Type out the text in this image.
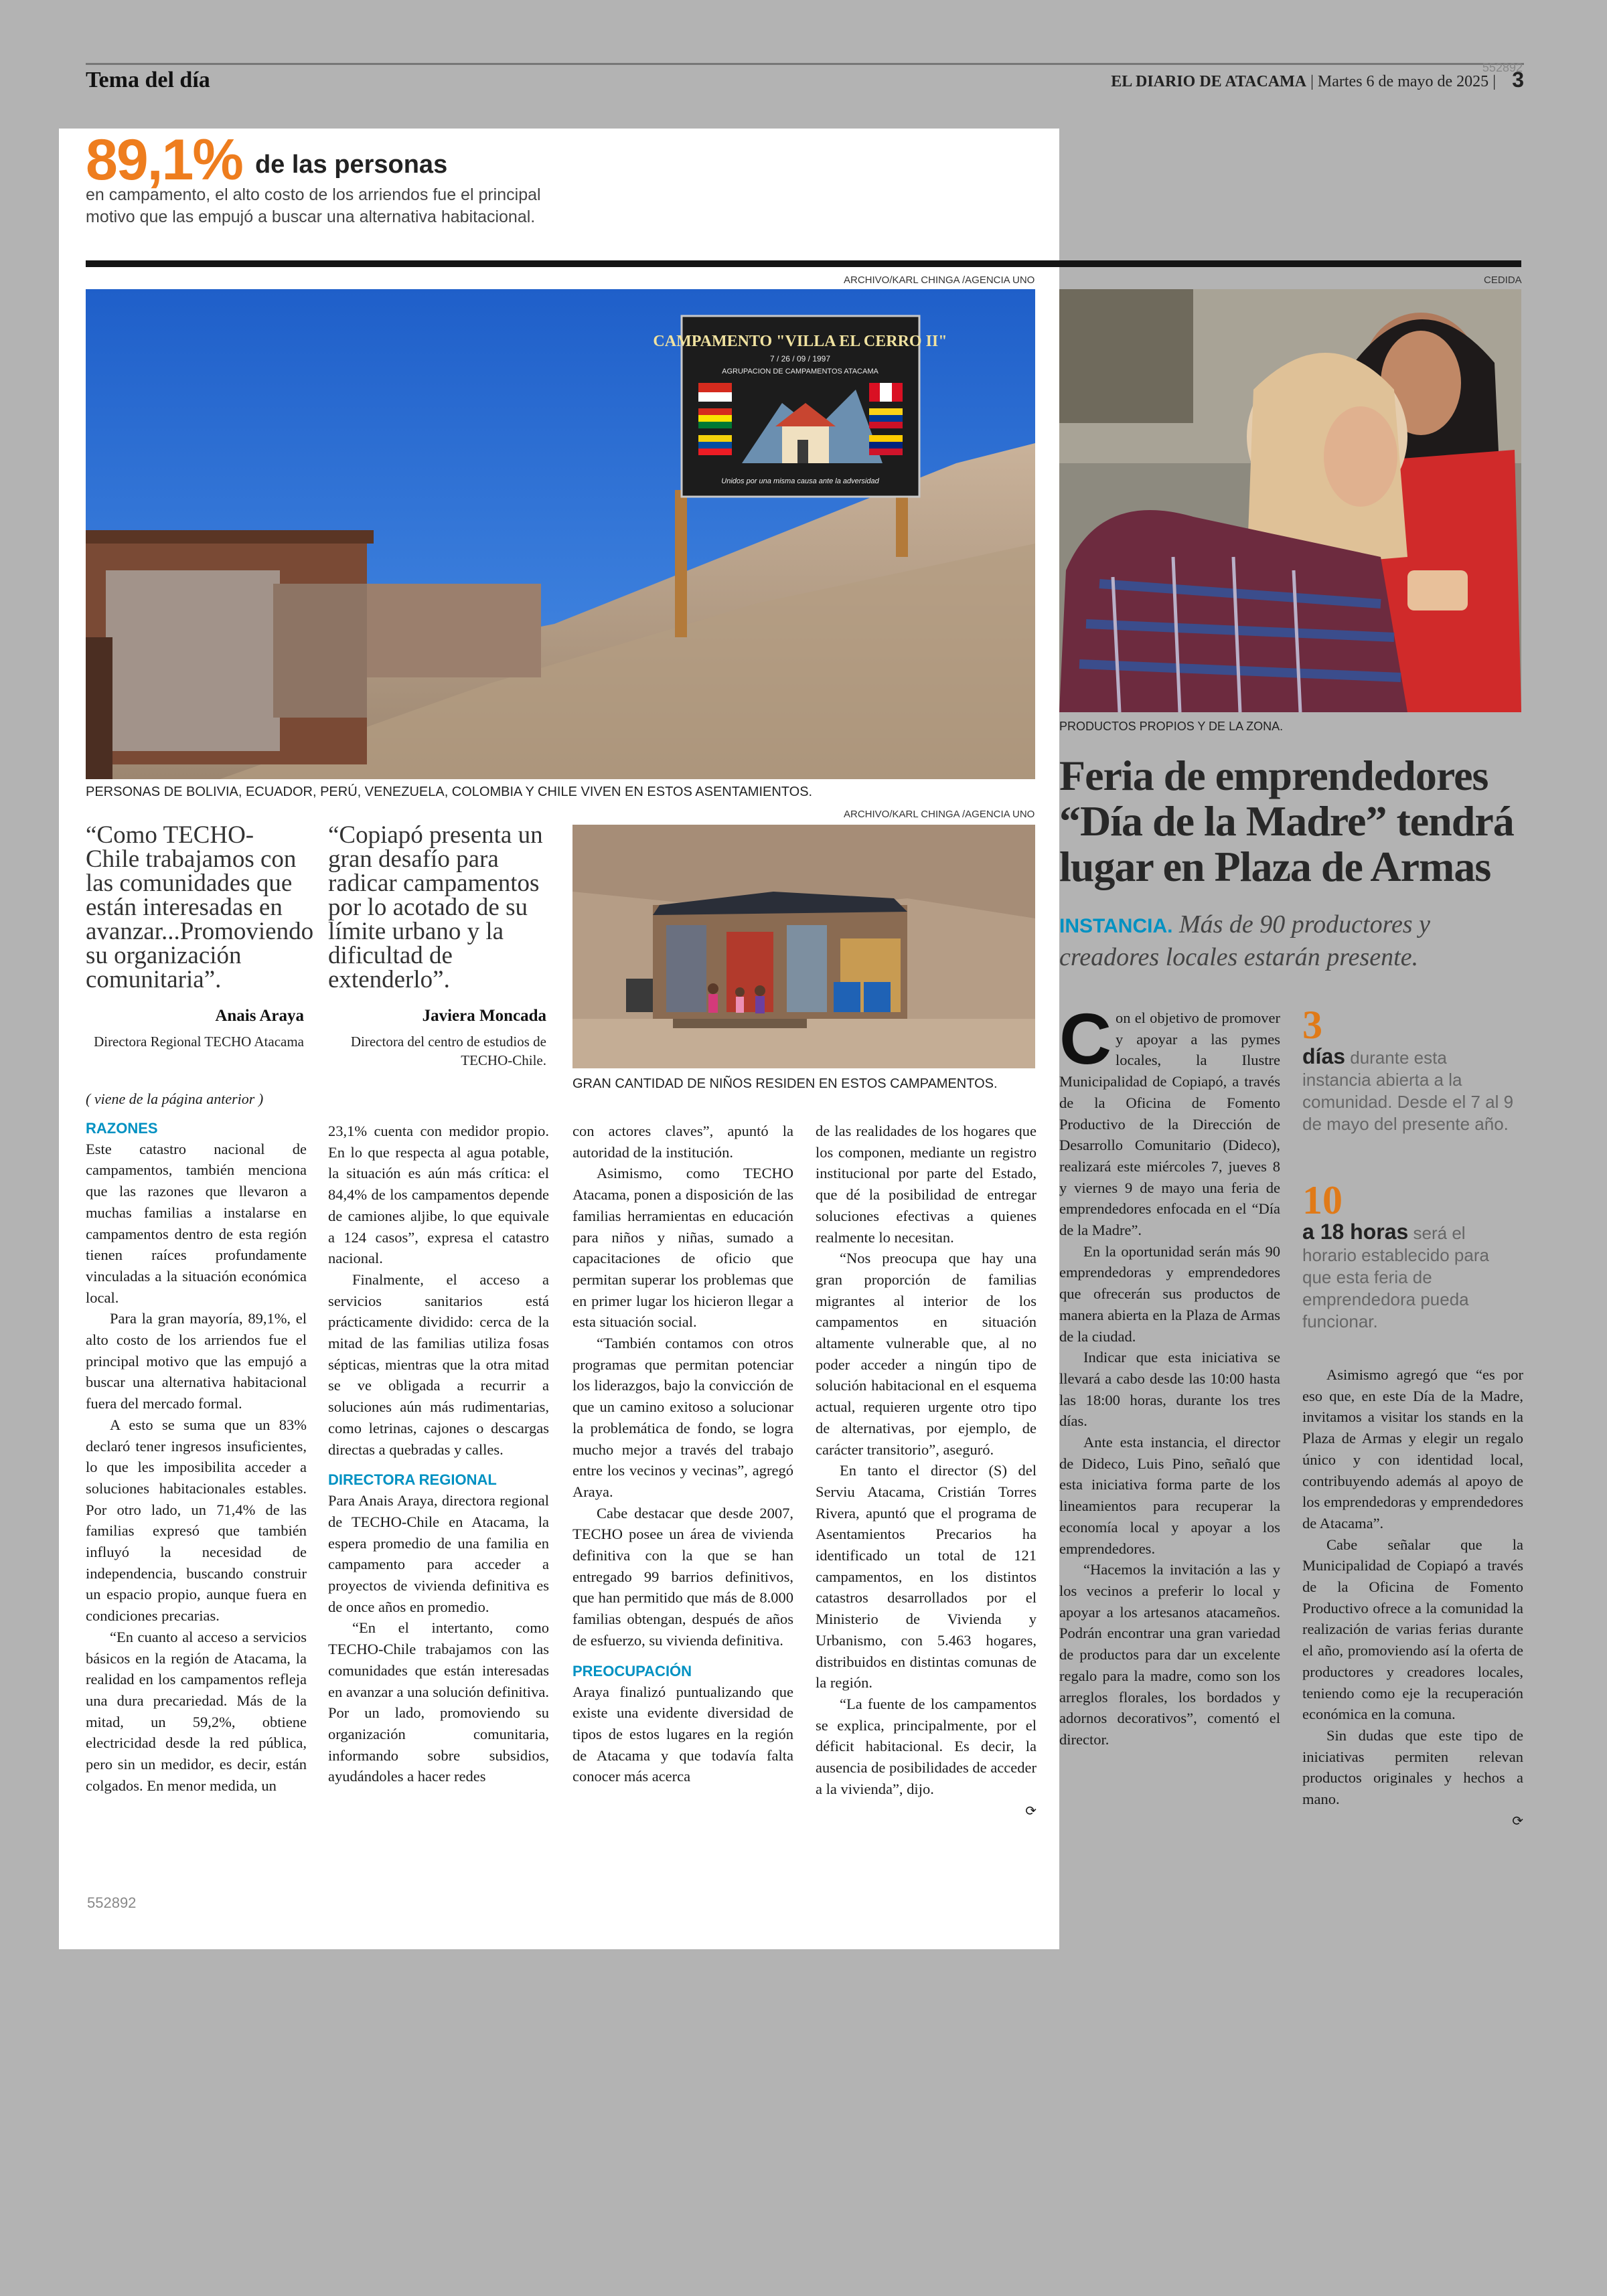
Tema del día	552892
EL DIARIO DE ATACAMA | Martes 6 de mayo de 2025 | 3
89,1% de las personas
en campamento, el alto costo de los arriendos fue el principal motivo que las empujó a buscar una alternativa habitacional.
ARCHIVO/KARL CHINGA /AGENCIA UNO
CAMPAMENTO "VILLA EL CERRO II"
7 / 26 / 09 / 1997
AGRUPACION DE CAMPAMENTOS ATACAMA
Unidos por una misma causa ante la adversidad
PERSONAS DE BOLIVIA, ECUADOR, PERÚ, VENEZUELA, COLOMBIA Y CHILE VIVEN EN ESTOS ASENTAMIENTOS.
“Como TECHO-Chile trabajamos con las comunidades que están interesadas en avanzar...Promoviendo su organización comunitaria”.
Anais Araya
Directora Regional TECHO Atacama
“Copiapó presenta un gran desafío para radicar campamentos por lo acotado de su límite urbano y la dificultad de extenderlo”.
Javiera Moncada
Directora del centro de estudios de TECHO-Chile.
ARCHIVO/KARL CHINGA /AGENCIA UNO
GRAN CANTIDAD DE NIÑOS RESIDEN EN ESTOS CAMPAMENTOS.
( viene de la página anterior )
RAZONES

Este catastro nacional de campamentos, también menciona que las razones que llevaron a muchas familias a instalarse en campamentos dentro de esta región tienen raíces profundamente vinculadas a la situación económica local.

Para la gran mayoría, 89,1%, el alto costo de los arriendos fue el principal motivo que las empujó a buscar una alternativa habitacional fuera del mercado formal.

A esto se suma que un 83% declaró tener ingresos insuficientes, lo que les imposibilita acceder a soluciones habitacionales estables. Por otro lado, un 71,4% de las familias expresó que también influyó la necesidad de independencia, buscando construir un espacio propio, aunque fuera en condiciones precarias.

“En cuanto al acceso a servicios básicos en la región de Atacama, la realidad en los campamentos refleja una dura precariedad. Más de la mitad, un 59,2%, obtiene electricidad desde la red pública, pero sin un medidor, es decir, están colgados. En menor medida, un

23,1% cuenta con medidor propio. En lo que respecta al agua potable, la situación es aún más crítica: el 84,4% de los campamentos depende de camiones aljibe, lo que equivale a 124 casos”, expresa el catastro nacional.

Finalmente, el acceso a servicios sanitarios está prácticamente dividido: cerca de la mitad de las familias utiliza fosas sépticas, mientras que la otra mitad se ve obligada a recurrir a soluciones aún más rudimentarias, como letrinas, cajones o descargas directas a quebradas y calles.

DIRECTORA REGIONAL

Para Anais Araya, directora regional de TECHO-Chile en Atacama, la espera promedio de una familia en campamento para acceder a proyectos de vivienda definitiva es de once años en promedio.

“En el intertanto, como TECHO-Chile trabajamos con las comunidades que están interesadas en avanzar a una solución definitiva. Por un lado, promoviendo su organización comunitaria, informando sobre subsidios, ayudándoles a hacer redes

con actores claves”, apuntó la autoridad de la institución.

Asimismo, como TECHO Atacama, ponen a disposición de las familias herramientas en educación para niños y niñas, sumado a capacitaciones de oficio que permitan superar los problemas que en primer lugar los hicieron llegar a esta situación social.

“También contamos con otros programas que permitan potenciar los liderazgos, bajo la convicción de que un camino exitoso a solucionar la problemática de fondo, se logra mucho mejor a través del trabajo entre los vecinos y vecinas”, agregó Araya.

Cabe destacar que desde 2007, TECHO posee un área de vivienda definitiva con la que se han entregado 99 barrios definitivos, que han permitido que más de 8.000 familias obtengan, después de años de esfuerzo, su vivienda definitiva.

PREOCUPACIÓN

Araya finalizó puntualizando que existe una evidente diversidad de tipos de estos lugares en la región de Atacama y que todavía falta conocer más acerca

de las realidades de los hogares que los componen, mediante un registro institucional por parte del Estado, que dé la posibilidad de entregar soluciones efectivas a quienes realmente lo necesitan.

“Nos preocupa que hay una gran proporción de familias migrantes al interior de los campamentos en situación altamente vulnerable que, al no poder acceder a ningún tipo de solución habitacional en el esquema actual, requieren urgente otro tipo de alternativas, por ejemplo, de carácter transitorio”, aseguró.

En tanto el director (S) del Serviu Atacama, Cristián Torres Rivera, apuntó que el programa de Asentamientos Precarios ha identificado un total de 121 campamentos, en los distintos catastros desarrollados por el Ministerio de Vivienda y Urbanismo, con 5.463 hogares, distribuidos en distintas comunas de la región.

“La fuente de los campamentos se explica, principalmente, por el déficit habitacional. Es decir, la ausencia de posibilidades de acceder a la vivienda”, dijo.

⟳
552892
CEDIDA
PRODUCTOS PROPIOS Y DE LA ZONA.
Feria de emprendedores “Día de la Madre” tendrá lugar en Plaza de Armas
INSTANCIA. Más de 90 productores y creadores locales estarán presente.

Con el objetivo de promover y apoyar a las pymes locales, la Ilustre Municipalidad de Copiapó, a través de la Oficina de Fomento Productivo de la Dirección de Desarrollo Comunitario (Dideco), realizará este miércoles 7, jueves 8 y viernes 9 de mayo una feria de emprendedores enfocada en el “Día de la Madre”.

En la oportunidad serán más 90 emprendedoras y emprendedores que ofrecerán sus productos de manera abierta en la Plaza de Armas de la ciudad.

Indicar que esta iniciativa se llevará a cabo desde las 10:00 hasta las 18:00 horas, durante los tres días.

Ante esta instancia, el director de Dideco, Luis Pino, señaló que esta iniciativa forma parte de los lineamientos para recuperar la economía local y apoyar a los emprendedores.

“Hacemos la invitación a las y los vecinos a preferir lo local y apoyar a los artesanos atacameños. Podrán encontrar una gran variedad de productos para dar un excelente regalo para la madre, como son los arreglos florales, los bordados y adornos decorativos”, comentó el director.

3
días durante esta instancia abierta a la comunidad. Desde el 7 al 9 de mayo del presente año.
10
a 18 horas será el horario establecido para que esta feria de emprendedora pueda funcionar.

Asimismo agregó que “es por eso que, en este Día de la Madre, invitamos a visitar los stands en la Plaza de Armas y elegir un regalo único y con identidad local, contribuyendo además al apoyo de los emprendedoras y emprendedores de Atacama”.

Cabe señalar que la Municipalidad de Copiapó a través de la Oficina de Fomento Productivo ofrece a la comunidad la realización de varias ferias durante el año, promoviendo así la oferta de productores y creadores locales, teniendo como eje la recuperación económica en la comuna.

Sin dudas que este tipo de iniciativas permiten relevan productos originales y hechos a mano.

⟳
